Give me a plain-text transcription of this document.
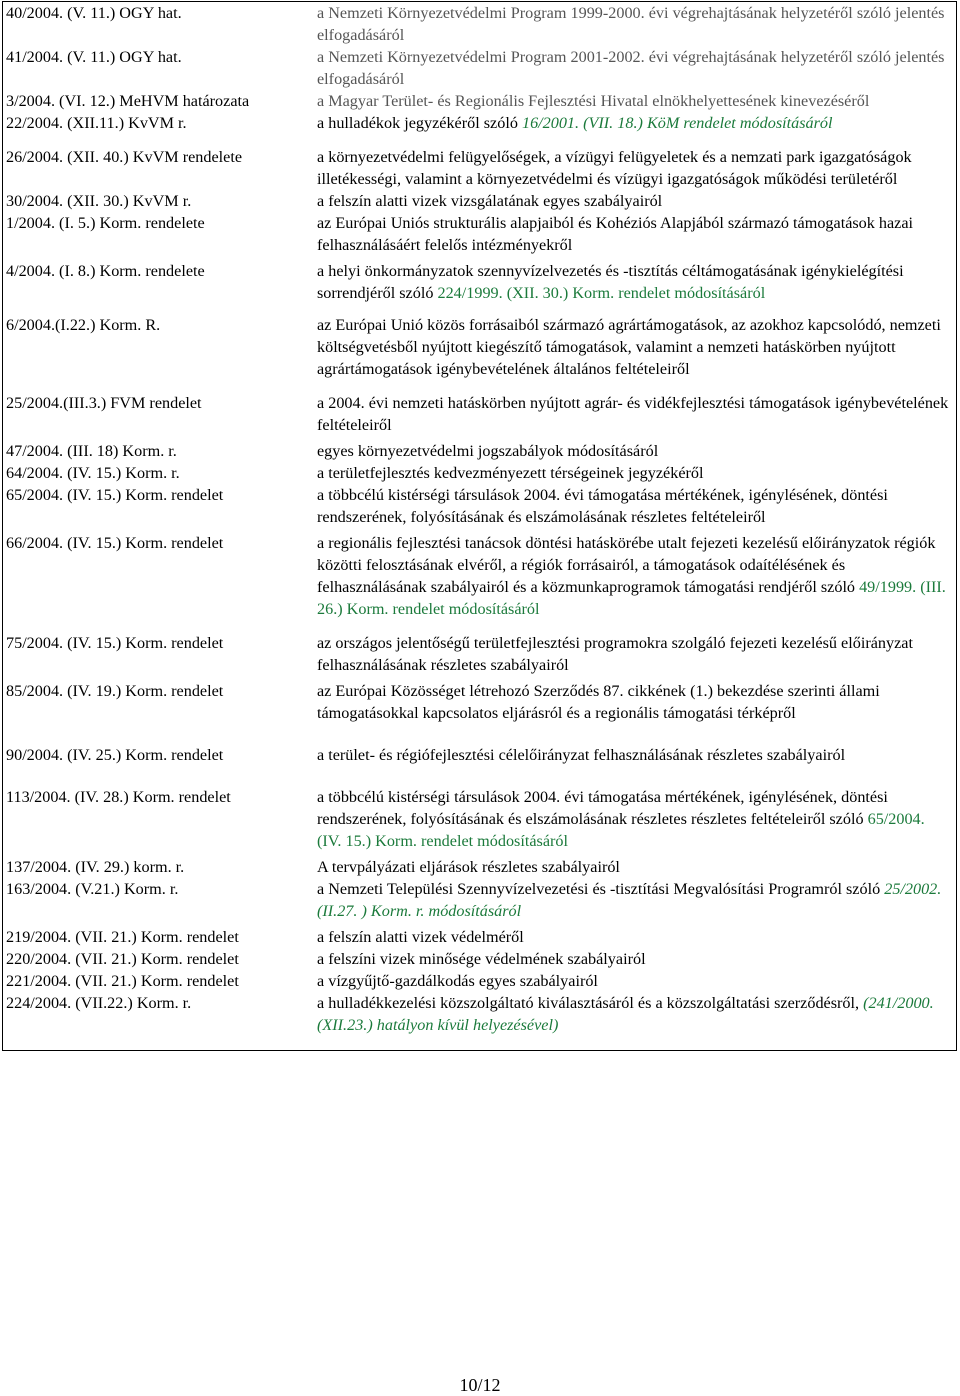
40/2004. (V. 11.) OGY hat.	a Nemzeti Környezetvédelmi Program 1999-2000. évi végrehajtásának helyzetéről szóló jelentés elfogadásáról
41/2004. (V. 11.) OGY hat.	a Nemzeti Környezetvédelmi Program 2001-2002. évi végrehajtásának helyzetéről szóló jelentés elfogadásáról
3/2004. (VI. 12.) MeHVM határozata	a Magyar Terület- és Regionális Fejlesztési Hivatal elnökhelyettesének kinevezéséről
22/2004. (XII.11.) KvVM r.	a hulladékok jegyzékéről szóló 16/2001. (VII. 18.) KöM rendelet módosításáról
26/2004. (XII. 40.) KvVM rendelete	a környezetvédelmi felügyelőségek, a vízügyi felügyeletek és a nemzati park igazgatóságok illetékességi, valamint a környezetvédelmi és vízügyi igazgatóságok működési területéről
30/2004. (XII. 30.) KvVM r.	a felszín alatti vizek vizsgálatának egyes szabályairól
1/2004. (I. 5.) Korm. rendelete	az Európai Uniós strukturális alapjaiból és Kohéziós Alapjából származó támogatások hazai felhasználásáért felelős intézményekről
4/2004. (I. 8.) Korm. rendelete	a helyi önkormányzatok szennyvízelvezetés és -tisztítás céltámogatásának igénykielégítési sorrendjéről szóló 224/1999. (XII. 30.) Korm. rendelet módosításáról
6/2004.(I.22.) Korm. R.	az Európai Unió közös forrásaiból származó agrártámogatások, az azokhoz kapcsolódó, nemzeti költségvetésből nyújtott kiegészítő támogatások, valamint a nemzeti hatáskörben nyújtott agrártámogatások igénybevételének általános feltételeiről
25/2004.(III.3.) FVM rendelet	a 2004. évi nemzeti hatáskörben nyújtott agrár- és vidékfejlesztési támogatások igénybevételének feltételeiről
47/2004. (III. 18) Korm. r.	egyes környezetvédelmi jogszabályok módosításáról
64/2004. (IV. 15.) Korm. r.	a területfejlesztés kedvezményezett térségeinek jegyzékéről
65/2004. (IV. 15.) Korm. rendelet	a többcélú kistérségi társulások 2004. évi támogatása mértékének, igénylésének, döntési rendszerének, folyósításának és elszámolásának részletes feltételeiről
66/2004. (IV. 15.) Korm. rendelet	a regionális fejlesztési tanácsok döntési hatáskörébe utalt fejezeti kezelésű előirányzatok régiók közötti felosztásának elvéről, a régiók forrásairól, a támogatások odaítélésének és felhasználásának szabályairól és a közmunkaprogramok támogatási rendjéről szóló 49/1999. (III. 26.) Korm. rendelet módosításáról
75/2004. (IV. 15.) Korm. rendelet	az országos jelentőségű területfejlesztési programokra szolgáló fejezeti kezelésű előirányzat felhasználásának részletes szabályairól
85/2004. (IV. 19.) Korm. rendelet	az Európai Közösséget létrehozó Szerződés 87. cikkének (1.) bekezdése szerinti állami támogatásokkal kapcsolatos eljárásról és a regionális támogatási térképről
90/2004. (IV. 25.) Korm. rendelet	a terület- és régiófejlesztési célelőirányzat felhasználásának részletes szabályairól
113/2004. (IV. 28.) Korm. rendelet	a többcélú kistérségi társulások 2004. évi támogatása mértékének, igénylésének, döntési rendszerének, folyósításának és elszámolásának részletes részletes feltételeiről szóló 65/2004. (IV. 15.) Korm. rendelet módosításáról
137/2004. (IV. 29.) korm. r.	A tervpályázati eljárások részletes szabályairól
163/2004. (V.21.) Korm. r.	a Nemzeti Települési Szennyvízelvezetési és -tisztítási Megvalósítási Programról szóló 25/2002. (II.27. ) Korm. r. módosításáról
219/2004. (VII. 21.) Korm. rendelet	a felszín alatti vizek védelméről
220/2004. (VII. 21.) Korm. rendelet	a felszíni vizek minősége védelmének szabályairól
221/2004. (VII. 21.) Korm. rendelet	a vízgyűjtő-gazdálkodás egyes szabályairól
224/2004. (VII.22.) Korm. r.	a hulladékkezelési közszolgáltató kiválasztásáról és a közszolgáltatási szerződésről, (241/2000. (XII.23.) hatályon kívül helyezésével)
10/12
